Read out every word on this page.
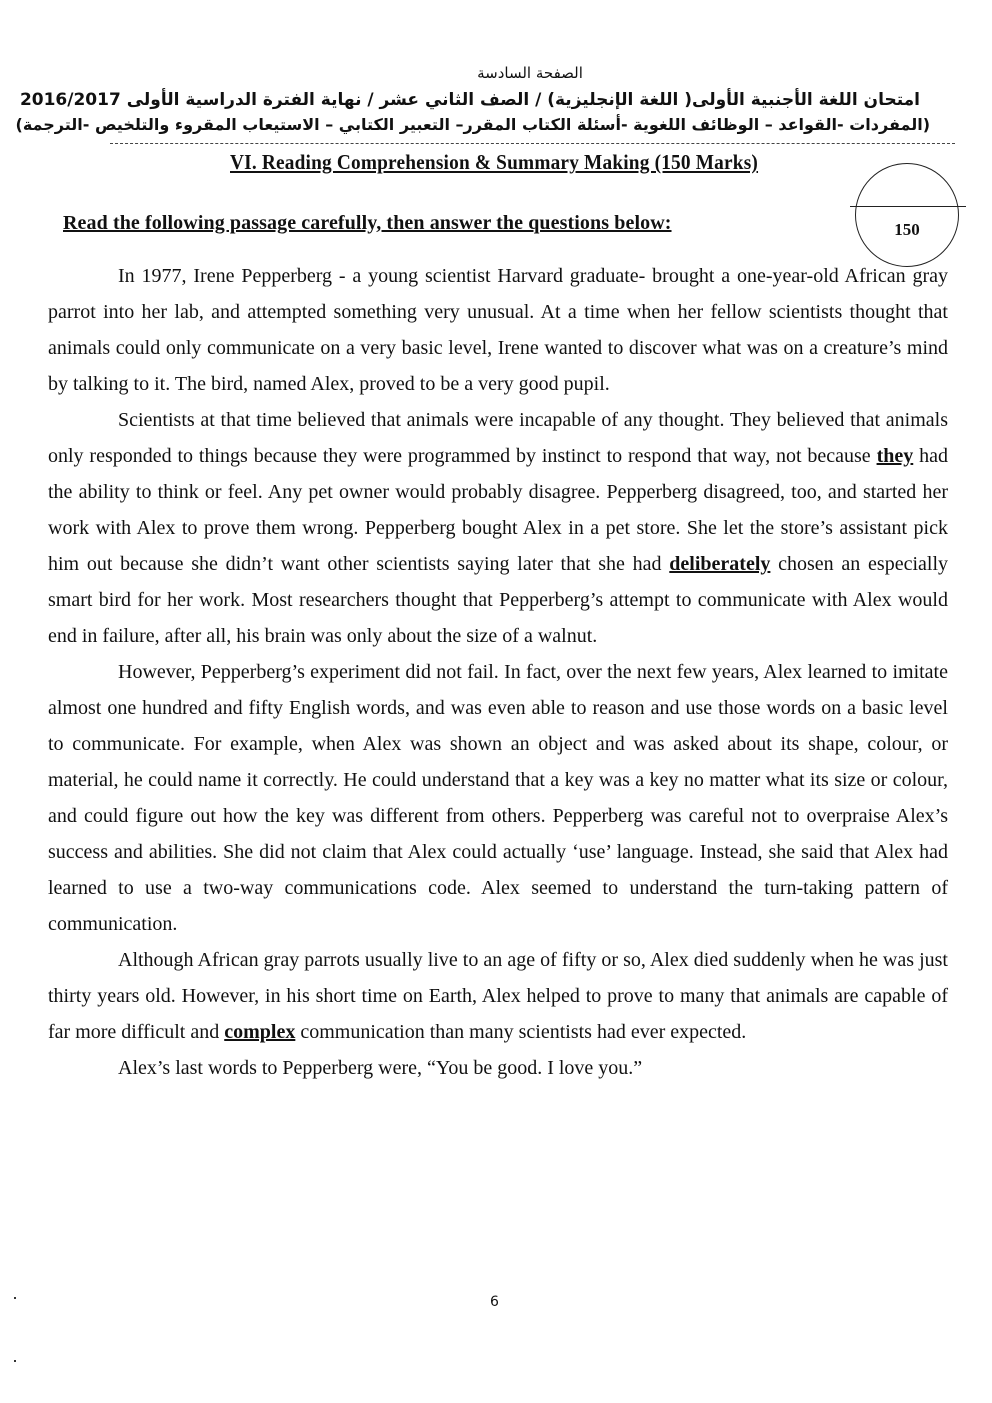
الصفحة السادسة
امتحان اللغة الأجنبية الأولى( اللغة الإنجليزية) / الصف الثاني عشر / نهاية الفترة الدراسية الأولى 2016/2017
(المفردات -القواعد – الوظائف اللغوية -أسئلة الكتاب المقرر– التعبير الكتابي – الاستيعاب المقروء والتلخيص -الترجمة)
VI. Reading Comprehension & Summary Making (150 Marks)
150
Read the following passage carefully, then answer the questions below:

In 1977, Irene Pepperberg - a young scientist Harvard graduate- brought a one-year-old African gray parrot into her lab, and attempted something very unusual. At a time when her fellow scientists thought that animals could only communicate on a very basic level, Irene wanted to discover what was on a creature’s mind by talking to it. The bird, named Alex, proved to be a very good pupil.

Scientists at that time believed that animals were incapable of any thought. They believed that animals only responded to things because they were programmed by instinct to respond that way, not because they had the ability to think or feel. Any pet owner would probably disagree. Pepperberg disagreed, too, and started her work with Alex to prove them wrong. Pepperberg bought Alex in a pet store. She let the store’s assistant pick him out because she didn’t want other scientists saying later that she had deliberately chosen an especially smart bird for her work. Most researchers thought that Pepperberg’s attempt to communicate with Alex would end in failure, after all, his brain was only about the size of a walnut.

However, Pepperberg’s experiment did not fail. In fact, over the next few years, Alex learned to imitate almost one hundred and fifty English words, and was even able to reason and use those words on a basic level to communicate. For example, when Alex was shown an object and was asked about its shape, colour, or material, he could name it correctly. He could understand that a key was a key no matter what its size or colour, and could figure out how the key was different from others. Pepperberg was careful not to overpraise Alex’s success and abilities. She did not claim that Alex could actually ‘use’ language. Instead, she said that Alex had learned to use a two-way communications code. Alex seemed to understand the turn-taking pattern of communication.

Although African gray parrots usually live to an age of fifty or so, Alex died suddenly when he was just thirty years old. However, in his short time on Earth, Alex helped to prove to many that animals are capable of far more difficult and complex communication than many scientists had ever expected.

Alex’s last words to Pepperberg were, “You be good. I love you.”

6
